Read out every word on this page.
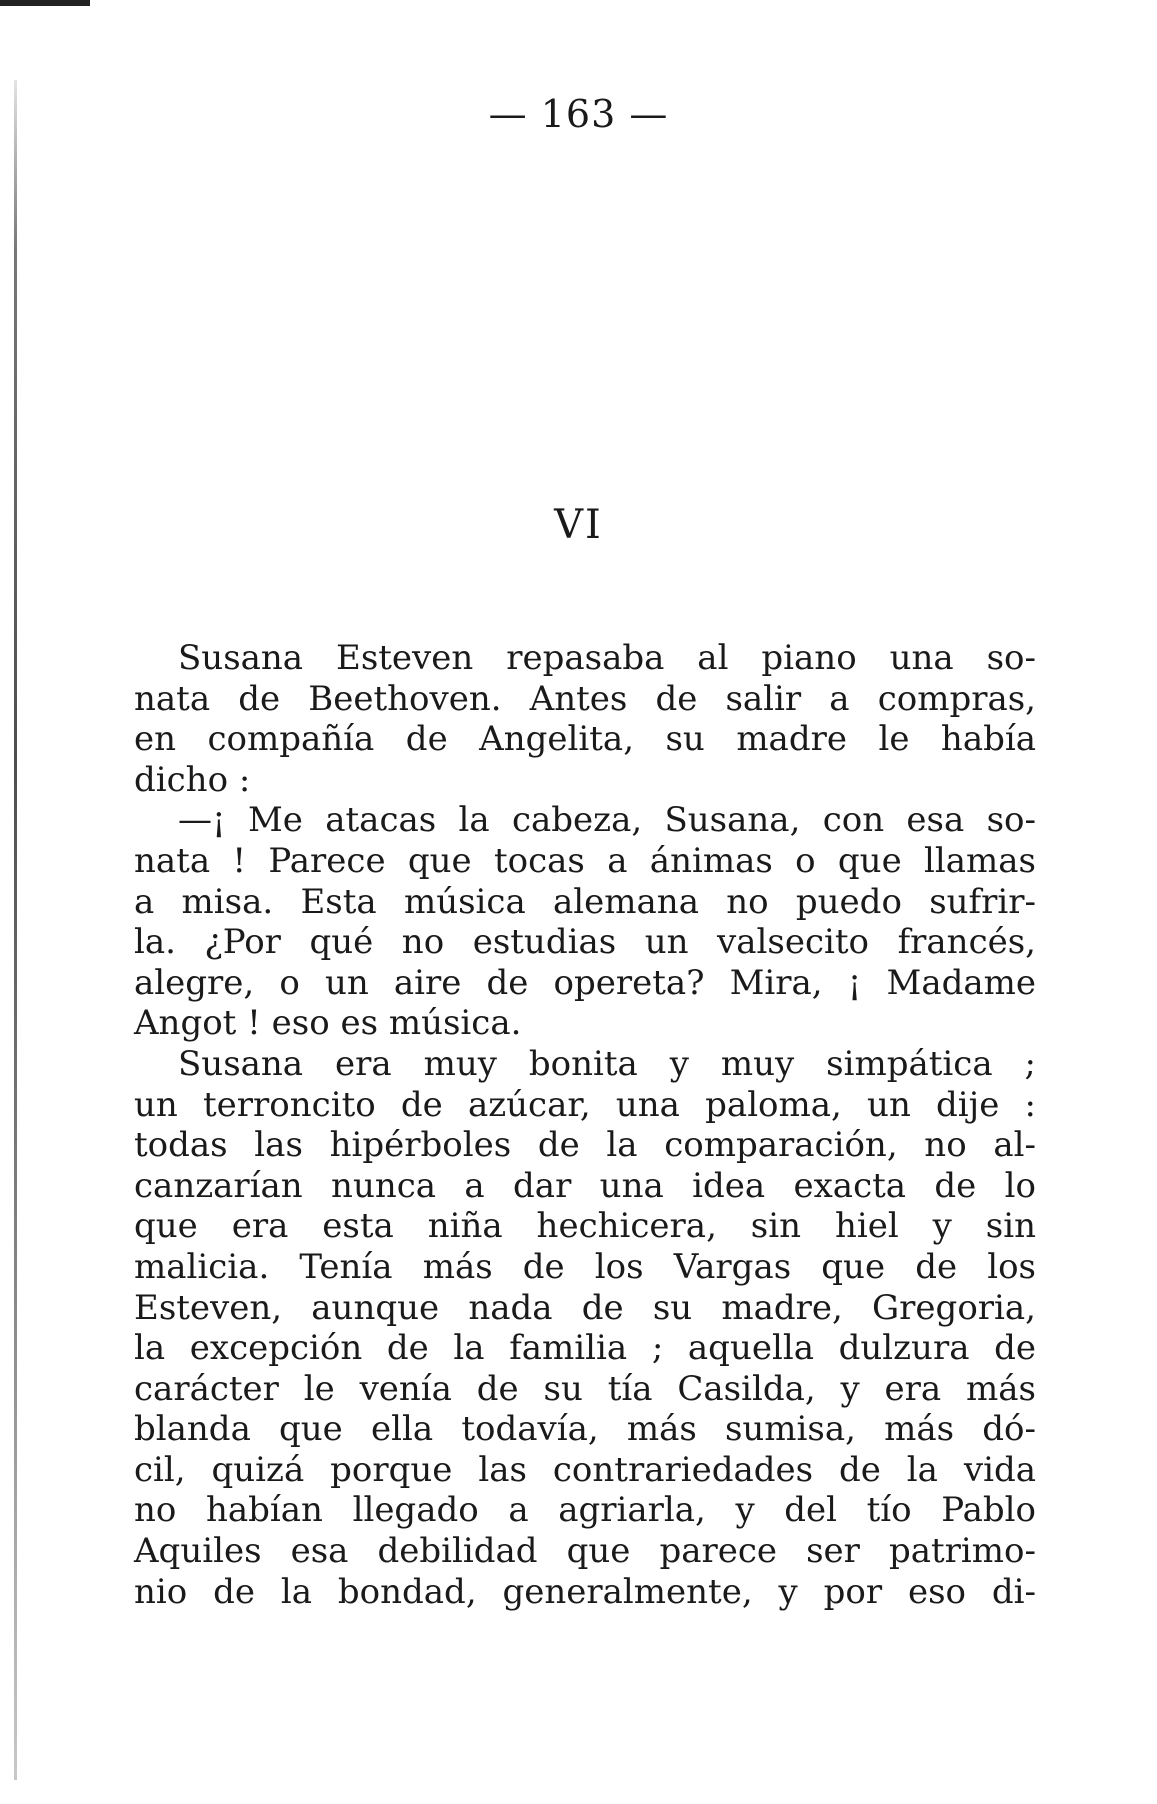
— 163 —
VI
Susana Esteven repasaba al piano una so-
nata de Beethoven. Antes de salir a compras,
en compañía de Angelita, su madre le había
dicho :
—¡ Me atacas la cabeza, Susana, con esa so-
nata ! Parece que tocas a ánimas o que llamas
a misa. Esta música alemana no puedo sufrir-
la. ¿Por qué no estudias un valsecito francés,
alegre, o un aire de opereta? Mira, ¡ Madame
Angot ! eso es música.
Susana era muy bonita y muy simpática ;
un terroncito de azúcar, una paloma, un dije :
todas las hipérboles de la comparación, no al-
canzarían nunca a dar una idea exacta de lo
que era esta niña hechicera, sin hiel y sin
malicia. Tenía más de los Vargas que de los
Esteven, aunque nada de su madre, Gregoria,
la excepción de la familia ; aquella dulzura de
carácter le venía de su tía Casilda, y era más
blanda que ella todavía, más sumisa, más dó-
cil, quizá porque las contrariedades de la vida
no habían llegado a agriarla, y del tío Pablo
Aquiles esa debilidad que parece ser patrimo-
nio de la bondad, generalmente, y por eso di-
